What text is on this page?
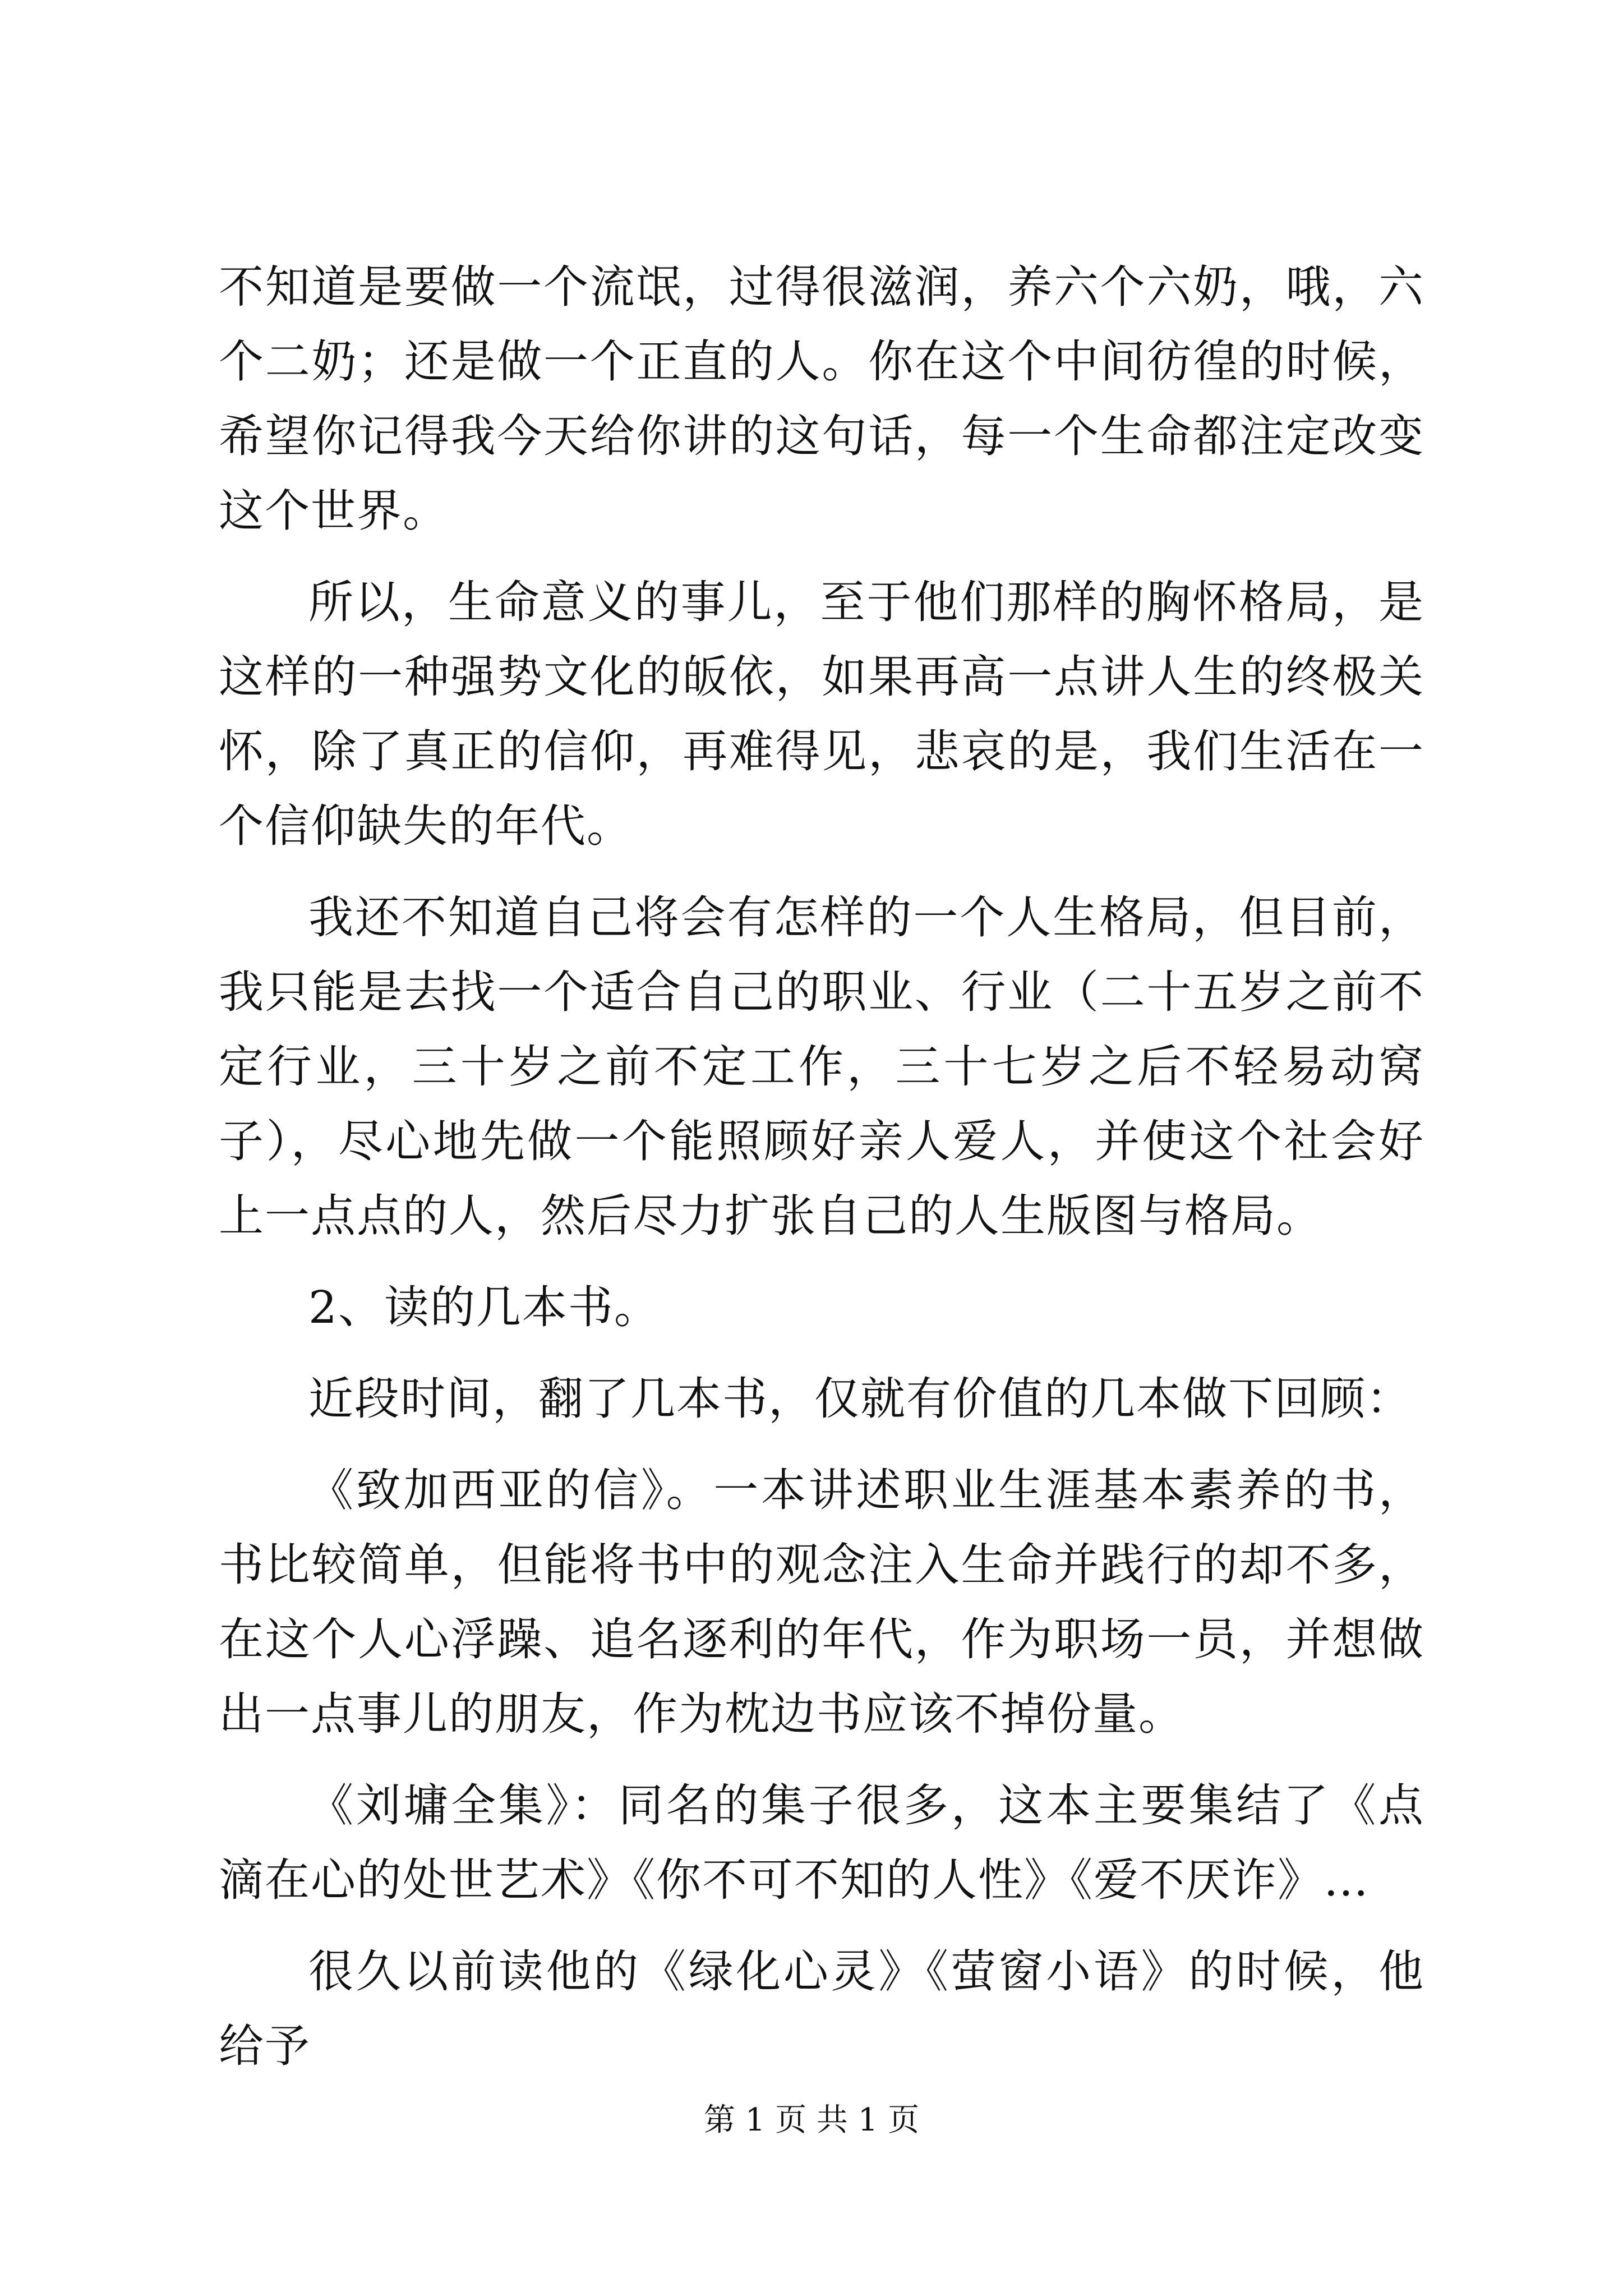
不知道是要做一个流氓，过得很滋润，养六个六奶，哦，六个二奶；还是做一个正直的人。你在这个中间彷徨的时候，希望你记得我今天给你讲的这句话，每一个生命都注定改变这个世界。

所以，生命意义的事儿，至于他们那样的胸怀格局，是这样的一种强势文化的皈依，如果再高一点讲人生的终极关怀，除了真正的信仰，再难得见，悲哀的是，我们生活在一个信仰缺失的年代。

我还不知道自己将会有怎样的一个人生格局，但目前，我只能是去找一个适合自己的职业、行业（二十五岁之前不定行业，三十岁之前不定工作，三十七岁之后不轻易动窝子），尽心地先做一个能照顾好亲人爱人，并使这个社会好上一点点的人，然后尽力扩张自己的人生版图与格局。

2、读的几本书。

近段时间，翻了几本书，仅就有价值的几本做下回顾：

《致加西亚的信》。一本讲述职业生涯基本素养的书，书比较简单，但能将书中的观念注入生命并践行的却不多，在这个人心浮躁、追名逐利的年代，作为职场一员，并想做出一点事儿的朋友，作为枕边书应该不掉份量。

《刘墉全集》：同名的集子很多，这本主要集结了《点滴在心的处世艺术》《你不可不知的人性》《爱不厌诈》…

很久以前读他的《绿化心灵》《萤窗小语》的时候，他给予

第 1 页 共 1 页
